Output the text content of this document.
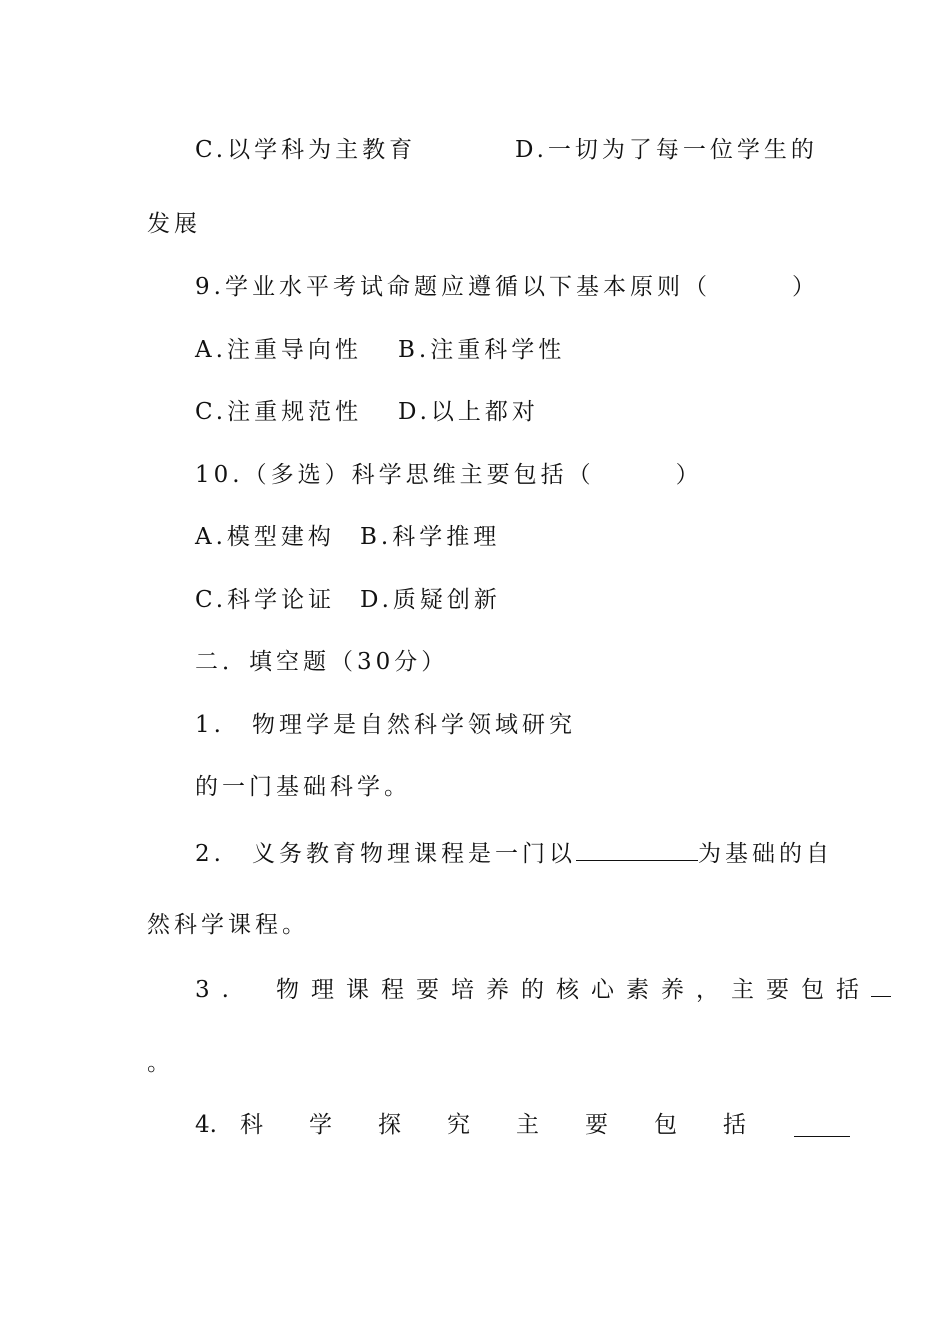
C.以学科为主教育	D.一切为了每一位学生的
发展
9.学业水平考试命题应遵循以下基本原则（　　　）
A.注重导向性 B.注重科学性
C.注重规范性 D.以上都对
10.（多选）科学思维主要包括（　　　）
A.模型建构 B.科学推理
C.科学论证 D.质疑创新
二．填空题（30分）
1.　物理学是自然科学领域研究
的一门基础科学。
2.　义务教育物理课程是一门以	为基础的自
然科学课程。
3.　物理课程要培养的核心素养，主要包括
。
4.　科　　学　　探　　究　　主　　要　　包　　括
